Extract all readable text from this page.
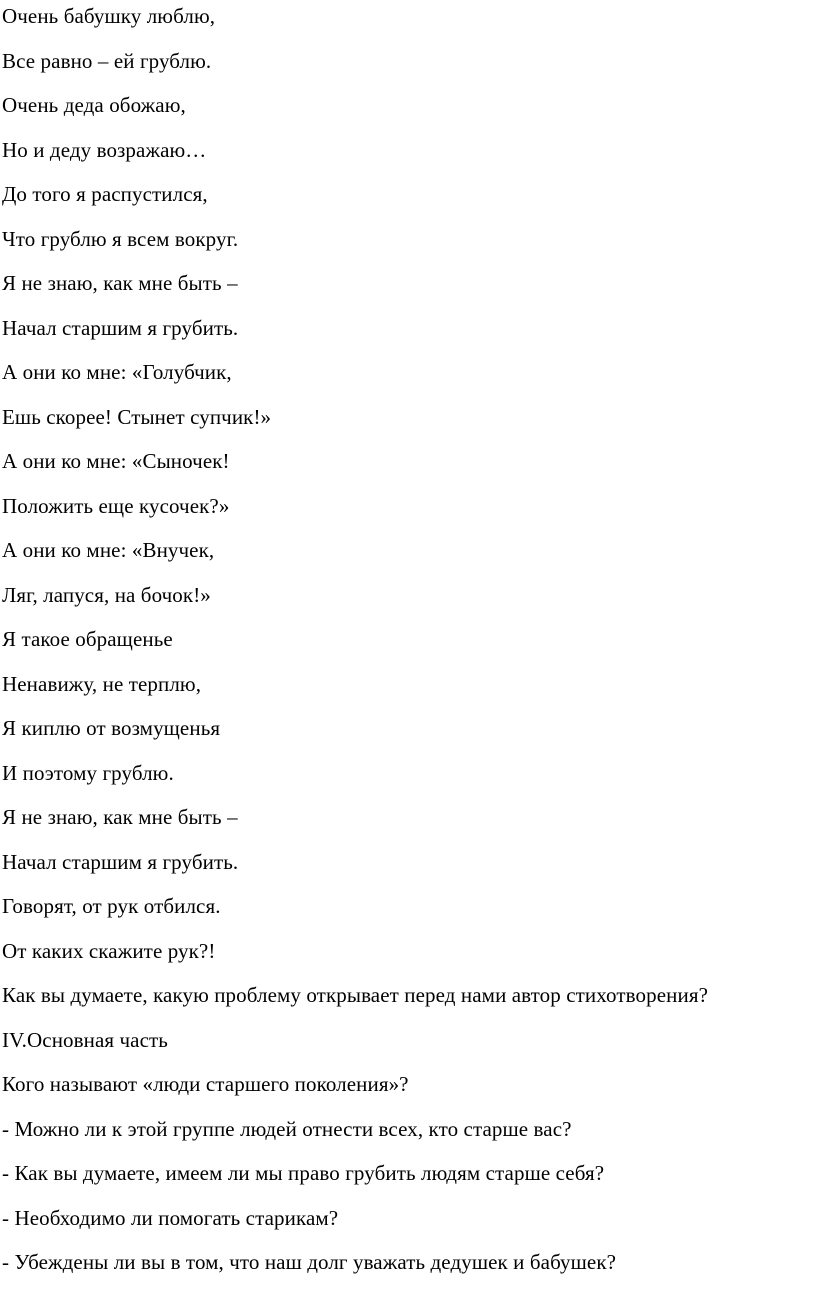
Очень бабушку люблю,
Все равно – ей грублю.
Очень деда обожаю,
Но и деду возражаю…
До того я распустился,
Что грублю я всем вокруг.
Я не знаю, как мне быть –
Начал старшим я грубить.
А они ко мне: «Голубчик,
Ешь скорее! Стынет супчик!»
А они ко мне: «Сыночек!
Положить еще кусочек?»
А они ко мне: «Внучек,
Ляг, лапуся, на бочок!»
Я такое обращенье
Ненавижу, не терплю,
Я киплю от возмущенья
И поэтому грублю.
Я не знаю, как мне быть –
Начал старшим я грубить.
Говорят, от рук отбился.
От каких скажите рук?!
Как вы думаете, какую проблему открывает перед нами автор стихотворения?
IV.Основная часть
Кого называют «люди старшего поколения»?
- Можно ли к этой группе людей отнести всех, кто старше вас?
- Как вы думаете, имеем ли мы право грубить людям старше себя?
- Необходимо ли помогать старикам?
- Убеждены ли вы в том, что наш долг уважать дедушек и бабушек?
